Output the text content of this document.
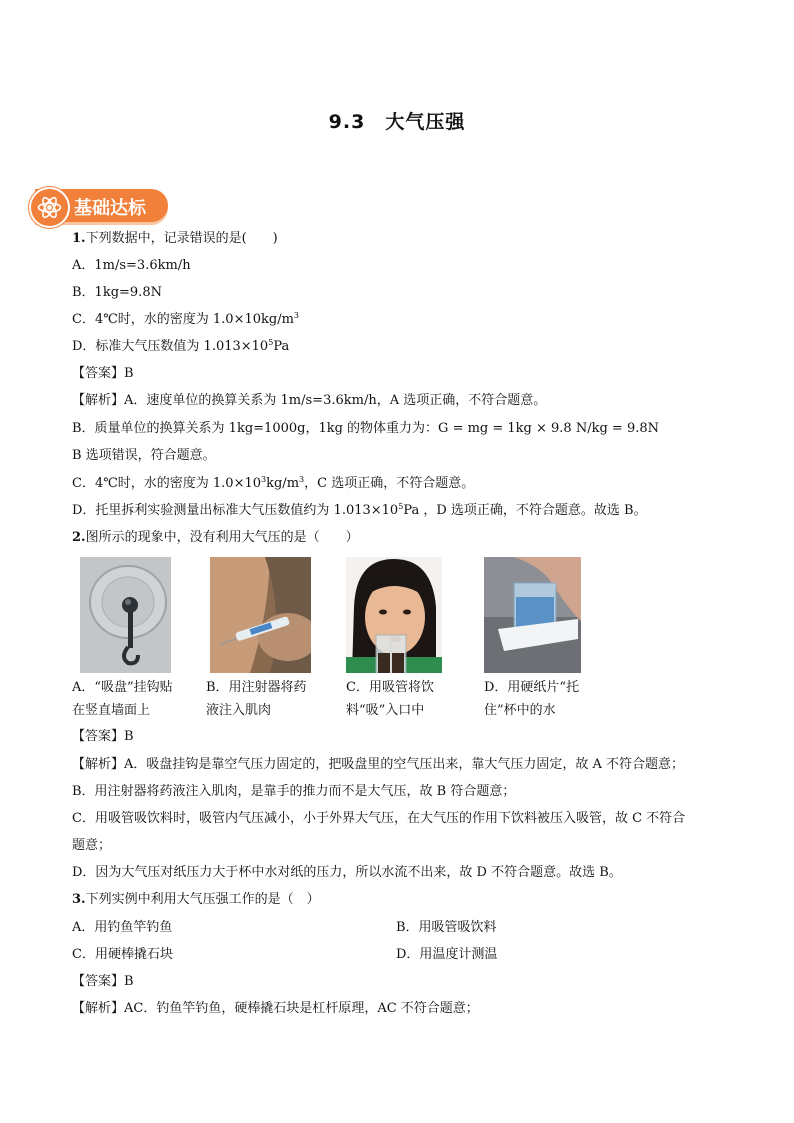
9.3　大气压强
基础达标
1.下列数据中，记录错误的是(　　)
A．1m/s=3.6km/h
B．1kg=9.8N
C．4℃时，水的密度为 $1.0\times 10kg/m^3$
D．标准大气压数值为 $1.013\times 10^5Pa$
【答案】B
【解析】A．速度单位的换算关系为 1m/s=3.6km/h，A 选项正确，不符合题意。
B．质量单位的换算关系为 1kg=1000g，1kg 的物体重力为：G = mg = 1kg × 9.8 N/kg = 9.8N
B 选项错误，符合题意。
C．4℃时，水的密度为 $1.0\times 10^3kg/m^3$，C 选项正确，不符合题意。
D．托里拆利实验测量出标准大气压数值约为 $1.013\times 10^5Pa$ ，D 选项正确，不符合题意。故选 B。
2.图所示的现象中，没有利用大气压的是（　　）
A．“吸盘”挂钩贴
在竖直墙面上
B．用注射器将药
液注入肌肉
C．用吸管将饮
料“吸”入口中
D．用硬纸片“托
住”杯中的水
【答案】B
【解析】A．吸盘挂钩是靠空气压力固定的，把吸盘里的空气压出来，靠大气压力固定，故 A 不符合题意；
B．用注射器将药液注入肌肉，是靠手的推力而不是大气压，故 B 符合题意；
C．用吸管吸饮料时，吸管内气压减小，小于外界大气压，在大气压的作用下饮料被压入吸管，故 C 不符合
题意；
D．因为大气压对纸压力大于杯中水对纸的压力，所以水流不出来，故 D 不符合题意。故选 B。
3.下列实例中利用大气压强工作的是（　）
A．用钓鱼竿钓鱼	B．用吸管吸饮料
C．用硬棒撬石块	D．用温度计测温
【答案】B
【解析】AC．钓鱼竿钓鱼，硬棒撬石块是杠杆原理，AC 不符合题意；
